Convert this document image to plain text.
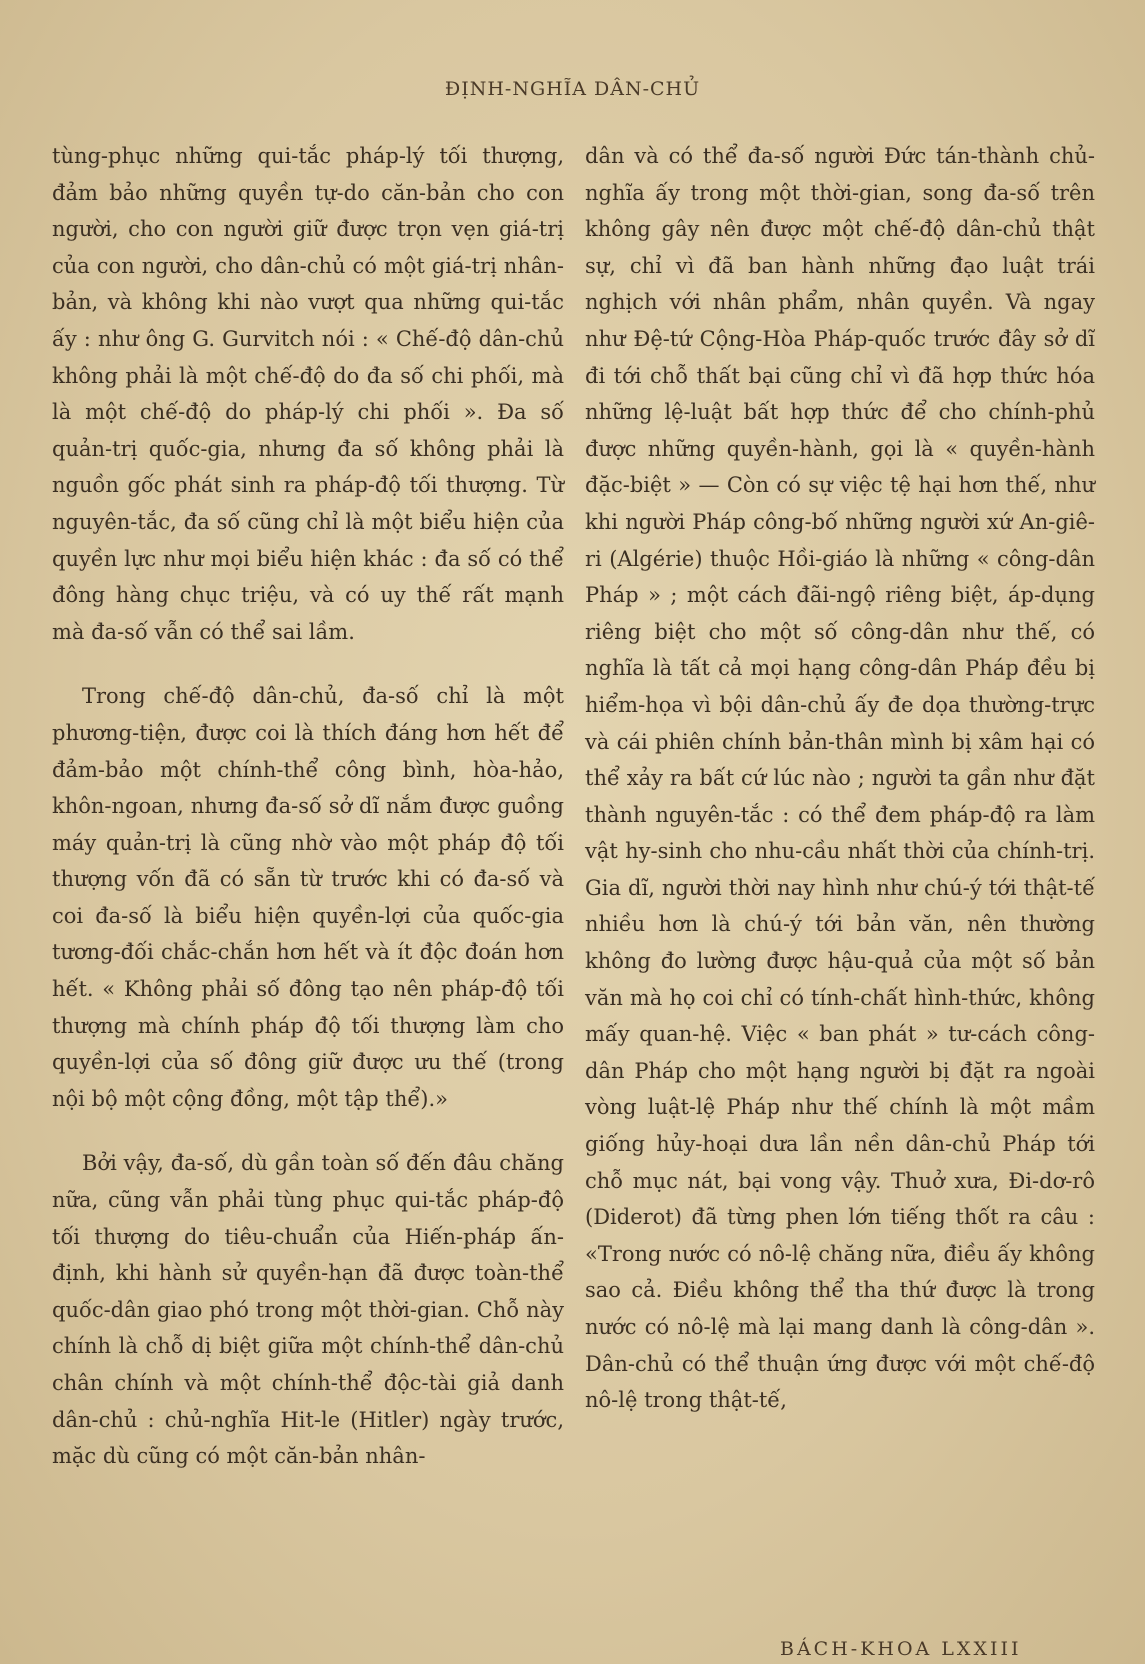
ĐỊNH-NGHĨA DÂN-CHỦ

tùng-phục những qui-tắc pháp-lý tối thượng, đảm bảo những quyền tự-do căn-bản cho con người, cho con người giữ được trọn vẹn giá-trị của con người, cho dân-chủ có một giá-trị nhân-bản, và không khi nào vượt qua những qui-tắc ấy : như ông G. Gurvitch nói : « Chế-độ dân-chủ không phải là một chế-độ do đa số chi phối, mà là một chế-độ do pháp-lý chi phối ». Đa số quản-trị quốc-gia, nhưng đa số không phải là nguồn gốc phát sinh ra pháp-độ tối thượng. Từ nguyên-tắc, đa số cũng chỉ là một biểu hiện của quyền lực như mọi biểu hiện khác : đa số có thể đông hàng chục triệu, và có uy thế rất mạnh mà đa-số vẫn có thể sai lầm.

Trong chế-độ dân-chủ, đa-số chỉ là một phương-tiện, được coi là thích đáng hơn hết để đảm-bảo một chính-thể công bình, hòa-hảo, khôn-ngoan, nhưng đa-số sở dĩ nắm được guồng máy quản-trị là cũng nhờ vào một pháp độ tối thượng vốn đã có sẵn từ trước khi có đa-số và coi đa-số là biểu hiện quyền-lợi của quốc-gia tương-đối chắc-chắn hơn hết và ít độc đoán hơn hết. « Không phải số đông tạo nên pháp-độ tối thượng mà chính pháp độ tối thượng làm cho quyền-lợi của số đông giữ được ưu thế (trong nội bộ một cộng đồng, một tập thể).»

Bởi vậy, đa-số, dù gần toàn số đến đâu chăng nữa, cũng vẫn phải tùng phục qui-tắc pháp-độ tối thượng do tiêu-chuẩn của Hiến-pháp ấn-định, khi hành sử quyền-hạn đã được toàn-thể quốc-dân giao phó trong một thời-gian. Chỗ này chính là chỗ dị biệt giữa một chính-thể dân-chủ chân chính và một chính-thể độc-tài giả danh dân-chủ : chủ-nghĩa Hit-le (Hitler) ngày trước, mặc dù cũng có một căn-bản nhân-

dân và có thể đa-số người Đức tán-thành chủ-nghĩa ấy trong một thời-gian, song đa-số trên không gây nên được một chế-độ dân-chủ thật sự, chỉ vì đã ban hành những đạo luật trái nghịch với nhân phẩm, nhân quyền. Và ngay như Đệ-tứ Cộng-Hòa Pháp-quốc trước đây sở dĩ đi tới chỗ thất bại cũng chỉ vì đã hợp thức hóa những lệ-luật bất hợp thức để cho chính-phủ được những quyền-hành, gọi là « quyền-hành đặc-biệt » — Còn có sự việc tệ hại hơn thế, như khi người Pháp công-bố những người xứ An-giê-ri (Algérie) thuộc Hồi-giáo là những « công-dân Pháp » ; một cách đãi-ngộ riêng biệt, áp-dụng riêng biệt cho một số công-dân như thế, có nghĩa là tất cả mọi hạng công-dân Pháp đều bị hiểm-họa vì bội dân-chủ ấy đe dọa thường-trực và cái phiên chính bản-thân mình bị xâm hại có thể xảy ra bất cứ lúc nào ; người ta gần như đặt thành nguyên-tắc : có thể đem pháp-độ ra làm vật hy-sinh cho nhu-cầu nhất thời của chính-trị. Gia dĩ, người thời nay hình như chú-ý tới thật-tế nhiều hơn là chú-ý tới bản văn, nên thường không đo lường được hậu-quả của một số bản văn mà họ coi chỉ có tính-chất hình-thức, không mấy quan-hệ. Việc « ban phát » tư-cách công-dân Pháp cho một hạng người bị đặt ra ngoài vòng luật-lệ Pháp như thế chính là một mầm giống hủy-hoại dưa lần nền dân-chủ Pháp tới chỗ mục nát, bại vong vậy. Thuở xưa, Đi-dơ-rô (Diderot) đã từng phen lớn tiếng thốt ra câu : «Trong nước có nô-lệ chăng nữa, điều ấy không sao cả. Điều không thể tha thứ được là trong nước có nô-lệ mà lại mang danh là công-dân ». Dân-chủ có thể thuận ứng được với một chế-độ nô-lệ trong thật-tế,

BÁCH-KHOA LXXIII
